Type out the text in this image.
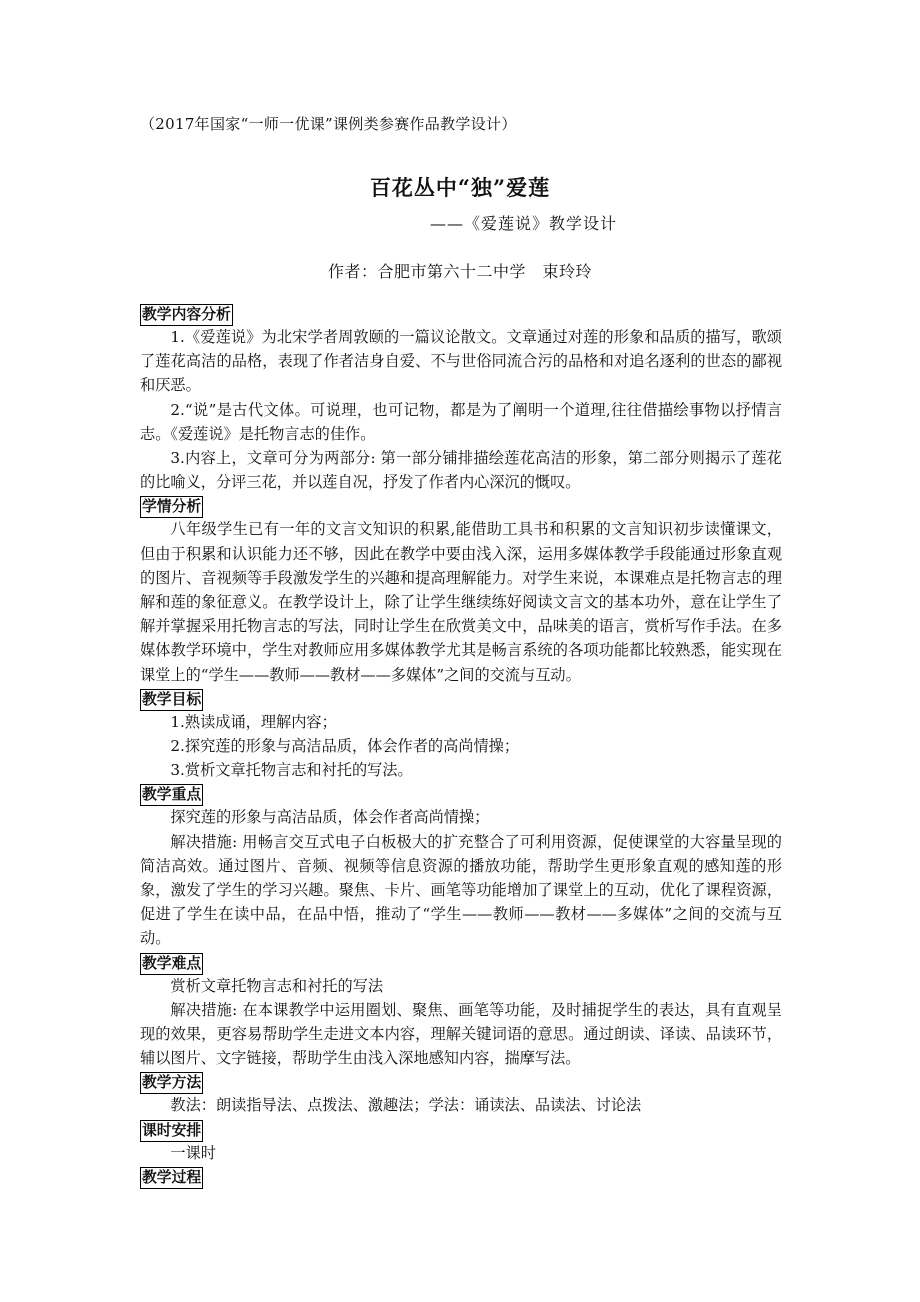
（2017年国家“一师一优课”课例类参赛作品教学设计）
百花丛中“独”爱莲
——《爱莲说》教学设计
作者：合肥市第六十二中学　束玲玲
教学内容分析

1.《爱莲说》为北宋学者周敦颐的一篇议论散文。文章通过对莲的形象和品质的描写，歌颂了莲花高洁的品格，表现了作者洁身自爱、不与世俗同流合污的品格和对追名逐利的世态的鄙视和厌恶。

2.“说”是古代文体。可说理，也可记物，都是为了阐明一个道理,往往借描绘事物以抒情言志。《爱莲说》是托物言志的佳作。

3.内容上，文章可分为两部分: 第一部分铺排描绘莲花高洁的形象，第二部分则揭示了莲花的比喻义，分评三花，并以莲自况，抒发了作者内心深沉的慨叹。

学情分析

八年级学生已有一年的文言文知识的积累,能借助工具书和积累的文言知识初步读懂课文，但由于积累和认识能力还不够，因此在教学中要由浅入深，运用多媒体教学手段能通过形象直观的图片、音视频等手段激发学生的兴趣和提高理解能力。对学生来说，本课难点是托物言志的理解和莲的象征意义。在教学设计上，除了让学生继续练好阅读文言文的基本功外，意在让学生了解并掌握采用托物言志的写法，同时让学生在欣赏美文中，品味美的语言，赏析写作手法。在多媒体教学环境中，学生对教师应用多媒体教学尤其是畅言系统的各项功能都比较熟悉，能实现在课堂上的“学生——教师——教材——多媒体”之间的交流与互动。

教学目标

1.熟读成诵，理解内容；

2.探究莲的形象与高洁品质，体会作者的高尚情操；

3.赏析文章托物言志和衬托的写法。

教学重点

探究莲的形象与高洁品质，体会作者高尚情操；

解决措施: 用畅言交互式电子白板极大的扩充整合了可利用资源，促使课堂的大容量呈现的简洁高效。通过图片、音频、视频等信息资源的播放功能，帮助学生更形象直观的感知莲的形象，激发了学生的学习兴趣。聚焦、卡片、画笔等功能增加了课堂上的互动，优化了课程资源，促进了学生在读中品，在品中悟，推动了“学生——教师——教材——多媒体”之间的交流与互动。

教学难点

赏析文章托物言志和衬托的写法

解决措施: 在本课教学中运用圈划、聚焦、画笔等功能，及时捕捉学生的表达，具有直观呈现的效果，更容易帮助学生走进文本内容，理解关键词语的意思。通过朗读、译读、品读环节，辅以图片、文字链接，帮助学生由浅入深地感知内容，揣摩写法。

教学方法

教法：朗读指导法、点拨法、激趣法；学法：诵读法、品读法、讨论法

课时安排

一课时

教学过程
